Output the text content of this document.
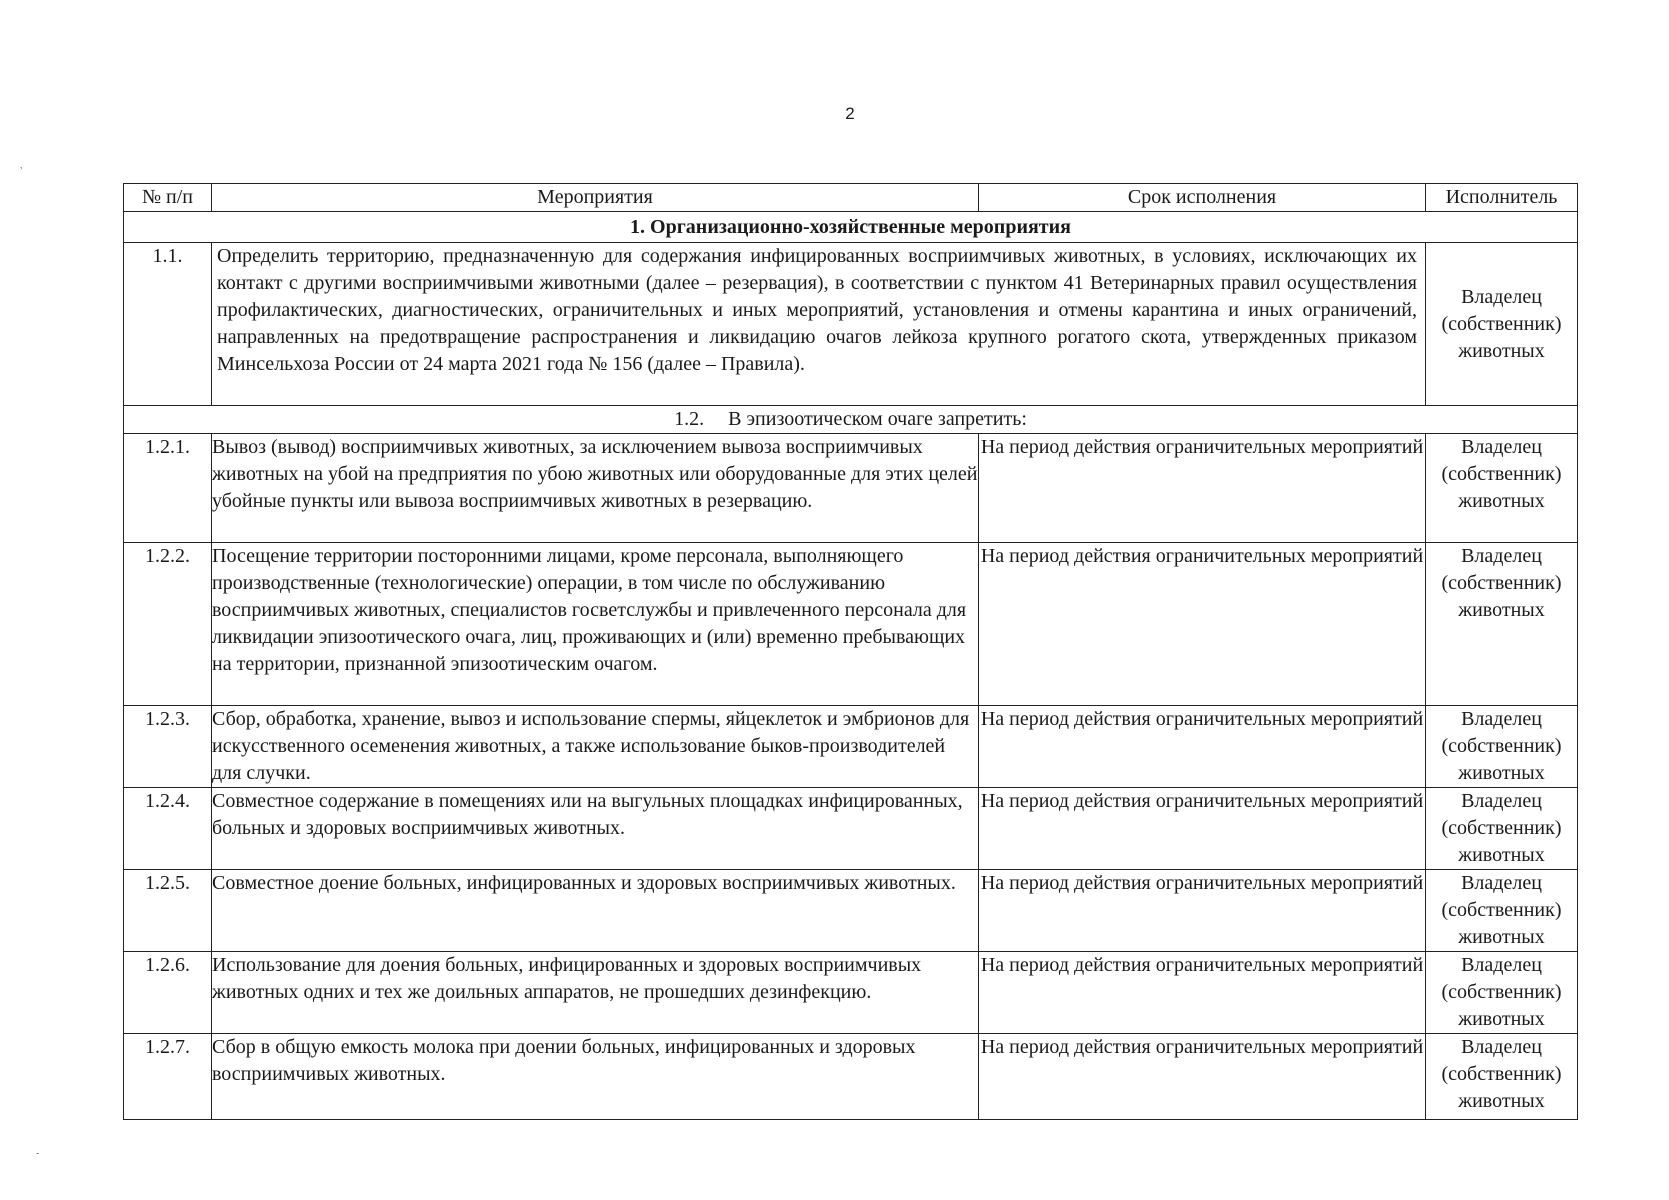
2
,
-
№ п/п	Мероприятия	Срок исполнения	Исполнитель
1. Организационно-хозяйственные мероприятия			
1.1.	Определить территорию, предназначенную для содержания инфицированных восприимчивых животных, в условиях, исключающих их контакт с другими восприимчивыми животными (далее – резервация), в соответствии с пунктом 41 Ветеринарных правил осуществления профилактических, диагностических, ограничительных и иных мероприятий, установления и отмены карантина и иных ограничений, направленных на предотвращение распространения и ликвидацию очагов лейкоза крупного рогатого скота, утвержденных приказом Минсельхоза России от 24 марта 2021 года № 156 (далее – Правила).		Владелец (собственник) животных
1.2. В эпизоотическом очаге запретить:			
1.2.1.	Вывоз (вывод) восприимчивых животных, за исключением вывоза восприимчивых животных на убой на предприятия по убою животных или оборудованные для этих целей убойные пункты или вывоза восприимчивых животных в резервацию.	На период действия ограничительных мероприятий	Владелец (собственник) животных
1.2.2.	Посещение территории посторонними лицами, кроме персонала, выполняющего производственные (технологические) операции, в том числе по обслуживанию восприимчивых животных, специалистов госветслужбы и привлеченного персонала для ликвидации эпизоотического очага, лиц, проживающих и (или) временно пребывающих на территории, признанной эпизоотическим очагом.	На период действия ограничительных мероприятий	Владелец (собственник) животных
1.2.3.	Сбор, обработка, хранение, вывоз и использование спермы, яйцеклеток и эмбрионов для искусственного осеменения животных, а также использование быков-производителей для случки.	На период действия ограничительных мероприятий	Владелец (собственник) животных
1.2.4.	Совместное содержание в помещениях или на выгульных площадках инфицированных, больных и здоровых восприимчивых животных.	На период действия ограничительных мероприятий	Владелец (собственник) животных
1.2.5.	Совместное доение больных, инфицированных и здоровых восприимчивых животных.	На период действия ограничительных мероприятий	Владелец (собственник) животных
1.2.6.	Использование для доения больных, инфицированных и здоровых восприимчивых животных одних и тех же доильных аппаратов, не прошедших дезинфекцию.	На период действия ограничительных мероприятий	Владелец (собственник) животных
1.2.7.	Сбор в общую емкость молока при доении больных, инфицированных и здоровых восприимчивых животных.	На период действия ограничительных мероприятий	Владелец (собственник) животных
